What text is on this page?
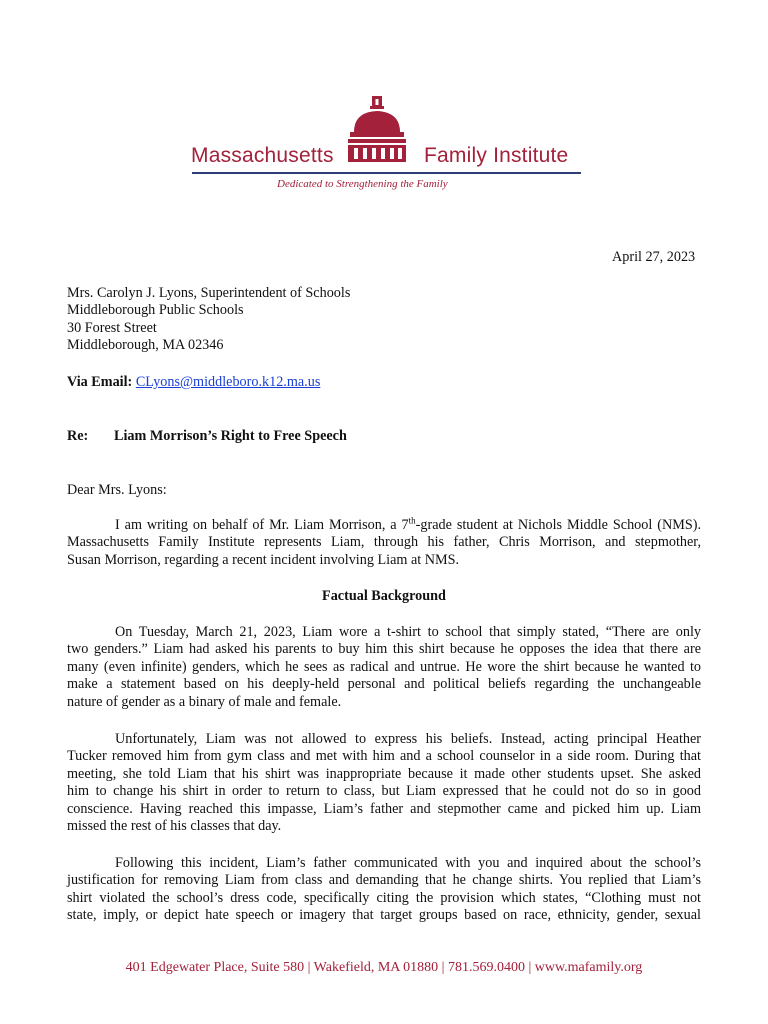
Massachusetts	Family Institute
Dedicated to Strengthening the Family
April 27, 2023
Mrs. Carolyn J. Lyons, Superintendent of Schools
Middleborough Public Schools
30 Forest Street
Middleborough, MA 02346
Via Email: CLyons@middleboro.k12.ma.us
Re: Liam Morrison’s Right to Free Speech
Dear Mrs. Lyons:
I am writing on behalf of Mr. Liam Morrison, a 7th-grade student at Nichols Middle School (NMS).
Massachusetts Family Institute represents Liam, through his father, Chris Morrison, and stepmother,
Susan Morrison, regarding a recent incident involving Liam at NMS.
Factual Background
On Tuesday, March 21, 2023, Liam wore a t-shirt to school that simply stated, “There are only
two genders.” Liam had asked his parents to buy him this shirt because he opposes the idea that there are
many (even infinite) genders, which he sees as radical and untrue. He wore the shirt because he wanted to
make a statement based on his deeply-held personal and political beliefs regarding the unchangeable
nature of gender as a binary of male and female.
Unfortunately, Liam was not allowed to express his beliefs. Instead, acting principal Heather
Tucker removed him from gym class and met with him and a school counselor in a side room. During that
meeting, she told Liam that his shirt was inappropriate because it made other students upset. She asked
him to change his shirt in order to return to class, but Liam expressed that he could not do so in good
conscience. Having reached this impasse, Liam’s father and stepmother came and picked him up. Liam
missed the rest of his classes that day.
Following this incident, Liam’s father communicated with you and inquired about the school’s
justification for removing Liam from class and demanding that he change shirts. You replied that Liam’s
shirt violated the school’s dress code, specifically citing the provision which states, “Clothing must not
state, imply, or depict hate speech or imagery that target groups based on race, ethnicity, gender, sexual
401 Edgewater Place, Suite 580 | Wakefield, MA 01880 | 781.569.0400 | www.mafamily.org
